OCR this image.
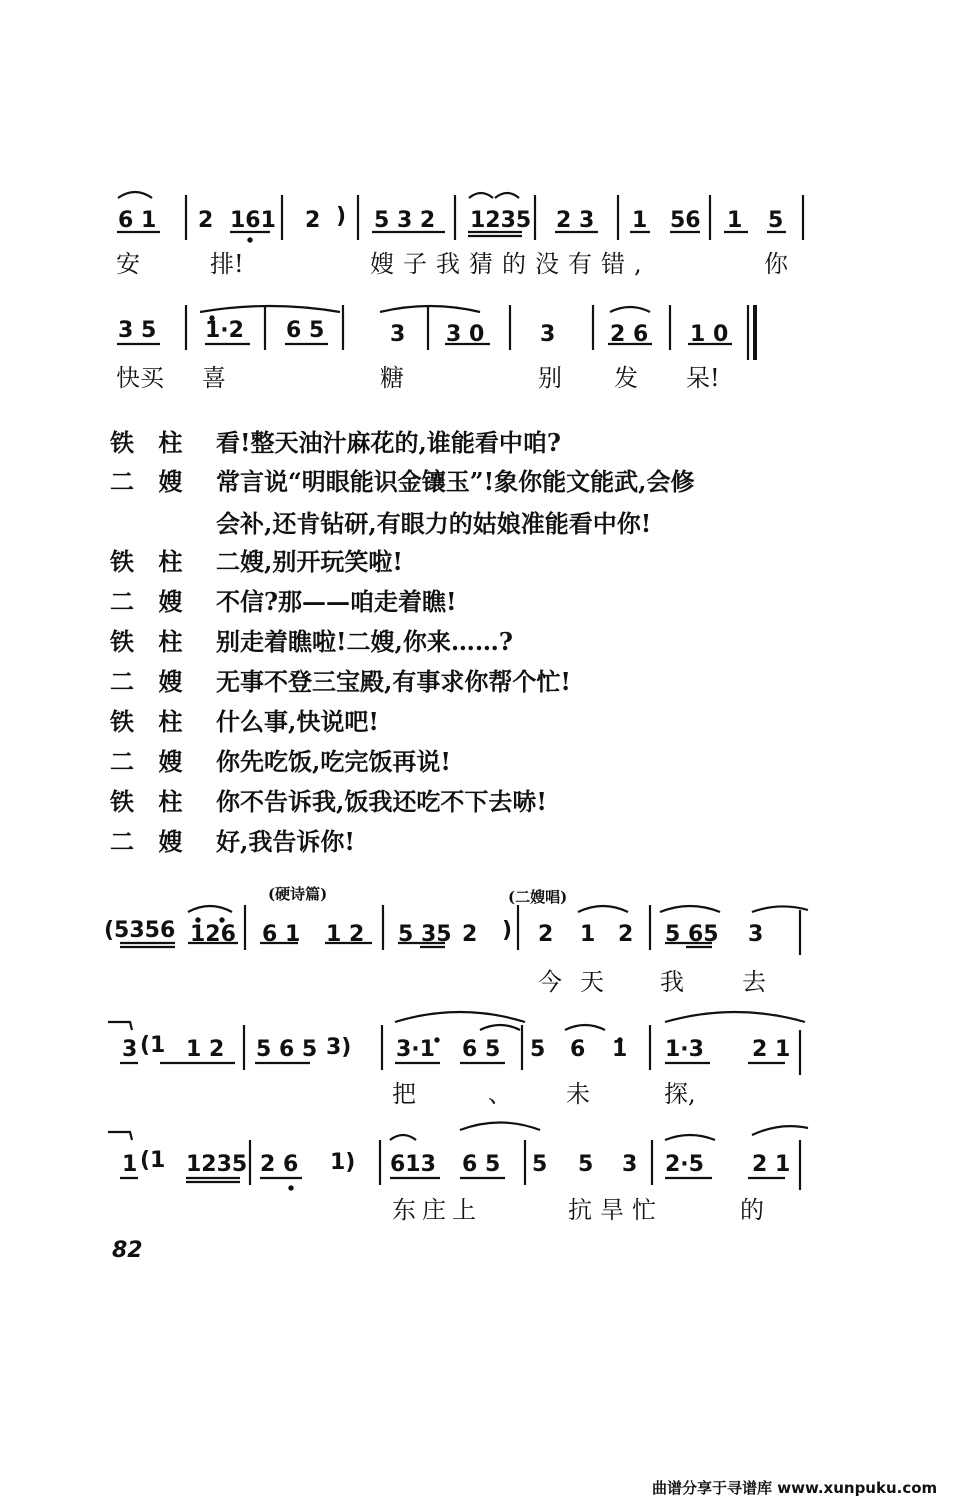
6 1 2 161 2 ) 5 3 2 1235 2 3 1 56 1 5
安	排!	嫂子我猜的没有错,	你
3 5 1·2 6 5	3 3 0	3 2 6 1 0
快买 喜	糖	别 发 呆!
铁 柱 看!整天油汁麻花的,谁能看中咱?
二 嫂 常言说“明眼能识金镶玉”!象你能文能武,会修
会补,还肯钻研,有眼力的姑娘准能看中你!
铁 柱 二嫂,别开玩笑啦!
二 嫂 不信?那——咱走着瞧!
铁 柱 别走着瞧啦!二嫂,你来……?
二 嫂 无事不登三宝殿,有事求你帮个忙!
铁 柱 什么事,快说吧!
二 嫂 你先吃饭,吃完饭再说!
铁 柱 你不告诉我,饭我还吃不下去哧!
二 嫂 好,我告诉你!
(硬诗篇)	(二嫂唱)
(5356 126 6 1 1 2 5 35 2 ) 2 1 2 5 65 3
今 天 我 去
3 (1 1 2 5 6 5 3) 3·1 6 5 5 6 1 1·3 2 1
把	、 未	探,
1 (1 1235 2 6 1) 613 6 5 5 5 3 2·5 2 1
东庄上	抗旱忙	的
82
曲谱分享于寻谱库 www.xunpuku.com
